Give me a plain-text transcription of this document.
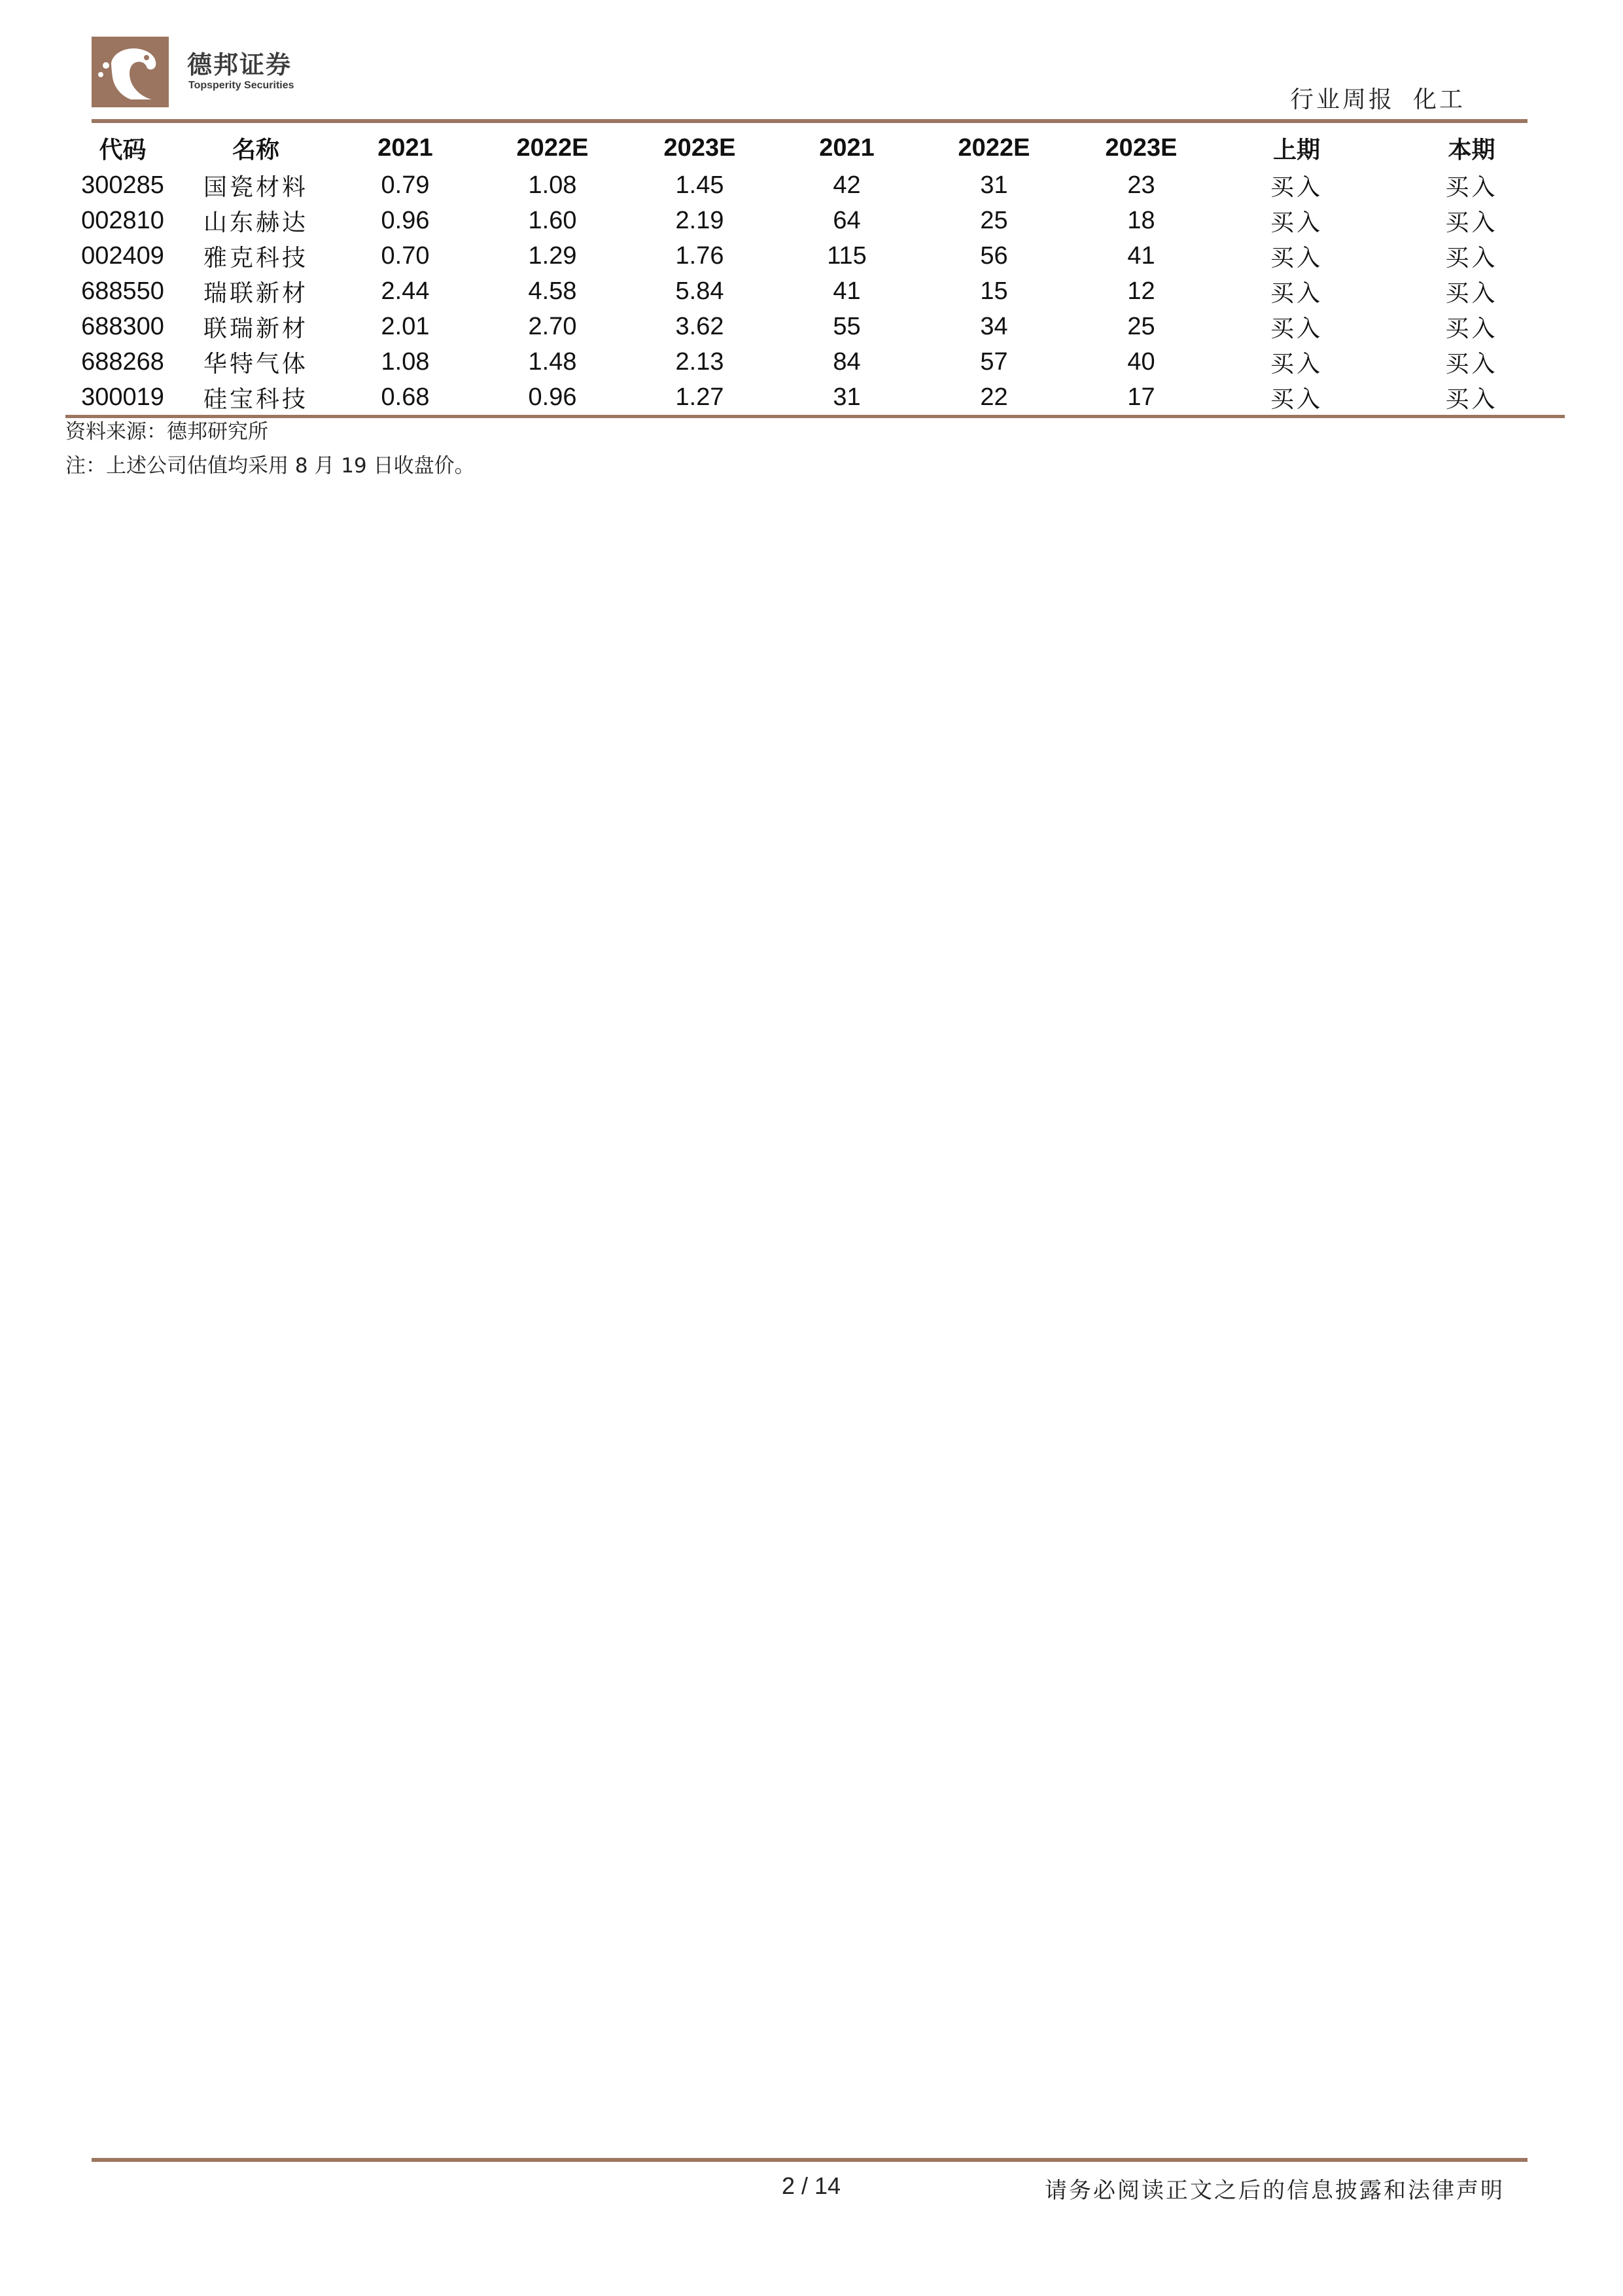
德邦证券
Topsperity Securities
行业周报 化工
代码	名称	2021	2022E	2023E	2021	2022E	2023E	上期	本期
300285	国瓷材料	0.79	1.08	1.45	42	31	23	买入	买入
002810	山东赫达	0.96	1.60	2.19	64	25	18	买入	买入
002409	雅克科技	0.70	1.29	1.76	115	56	41	买入	买入
688550	瑞联新材	2.44	4.58	5.84	41	15	12	买入	买入
688300	联瑞新材	2.01	2.70	3.62	55	34	25	买入	买入
688268	华特气体	1.08	1.48	2.13	84	57	40	买入	买入
300019	硅宝科技	0.68	0.96	1.27	31	22	17	买入	买入
资料来源：德邦研究所
注：上述公司估值均采用 8 月 19 日收盘价。
2 / 14	请务必阅读正文之后的信息披露和法律声明
